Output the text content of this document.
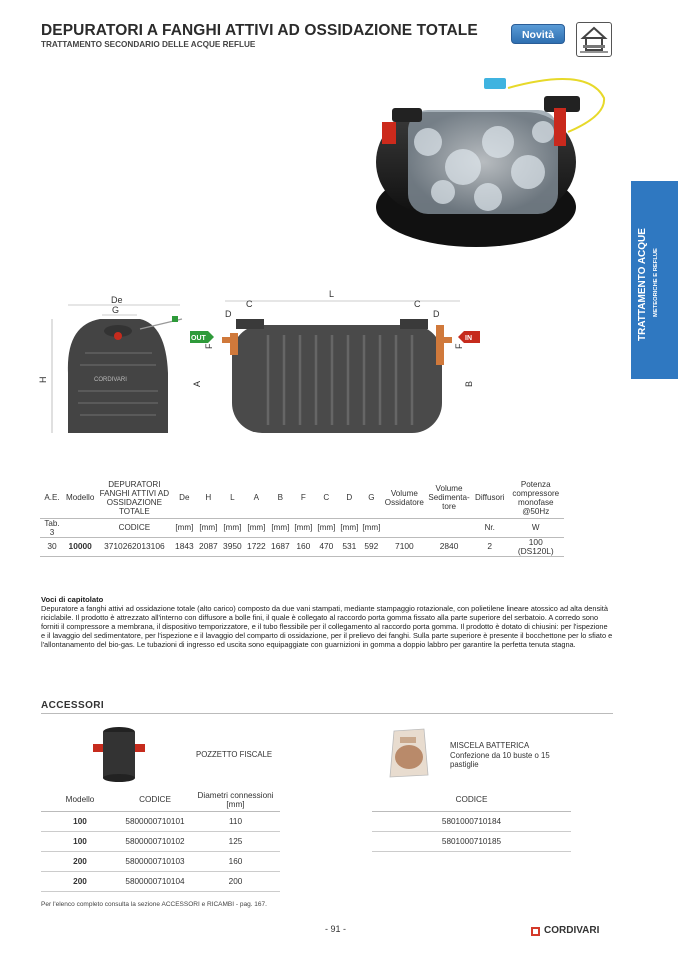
DEPURATORI A FANGHI ATTIVI AD OSSIDAZIONE TOTALE
TRATTAMENTO SECONDARIO DELLE ACQUE REFLUE
Novità
TRATTAMENTO ACQUE METEORICHE E REFLUE
De
G
CORDIVARI
H
OUT
L
C	C
D	D
F	F
A	B
IN
A.E.	Modello	DEPURATORI FANGHI ATTIVI AD OSSIDAZIONE TOTALE	De	H	L	A	B	F	C	D	G	Volume Ossidatore	Volume Sedimenta-tore	Diffusori	Potenza compressore monofase @50Hz
Tab. 3		CODICE	[mm]	[mm]	[mm]	[mm]	[mm]	[mm]	[mm]	[mm]	[mm]			Nr.	W
30	10000	3710262013106	1843	2087	3950	1722	1687	160	470	531	592	7100	2840	2	100 (DS120L)
Voci di capitolato
Depuratore a fanghi attivi ad ossidazione totale (alto carico) composto da due vani stampati, mediante stampaggio rotazionale, con polietilene lineare atossico ad alta densità riciclabile. Il prodotto è attrezzato all'interno con diffusore a bolle fini, il quale è collegato al raccordo porta gomma fissato alla parte superiore del serbatoio. A corredo sono forniti il compressore a membrana, il dispositivo temporizzatore, e il tubo flessibile per il collegamento al raccordo porta gomma. Il prodotto è dotato di chiusini: per l'ispezione e il lavaggio del sedimentatore, per l'ispezione e il lavaggio del comparto di ossidazione, per il prelievo dei fanghi. Sulla parte superiore è presente il bocchettone per lo sfiato e l'allontanamento del bio-gas. Le tubazioni di ingresso ed uscita sono equipaggiate con guarnizioni in gomma a doppio labbro per garantire la perfetta tenuta stagna.
ACCESSORI
POZZETTO FISCALE
Modello	CODICE	Diametri connessioni [mm]
100	5800000710101	110
100	5800000710102	125
200	5800000710103	160
200	5800000710104	200
MISCELA BATTERICA Confezione da 10 buste o 15 pastiglie
CODICE
5801000710184
5801000710185
Per l'elenco completo consulta la sezione ACCESSORI e RICAMBI - pag. 167.
- 91 -	CORDIVARI
